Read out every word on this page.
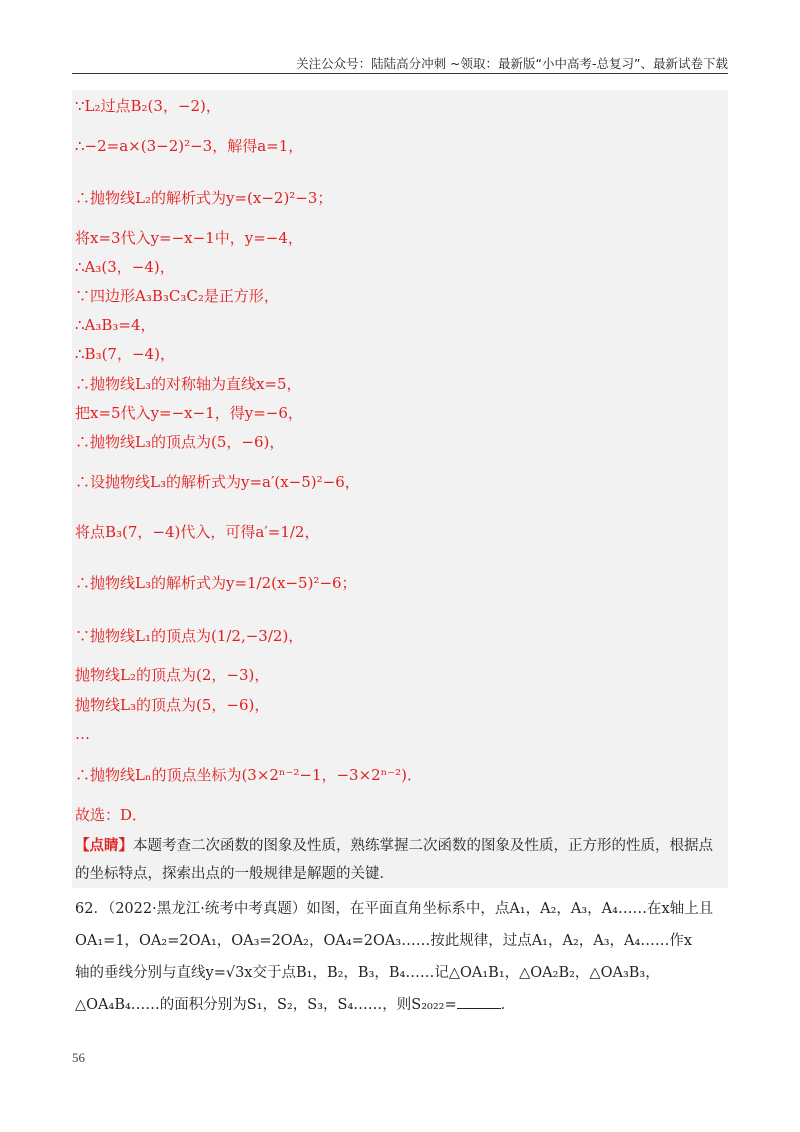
关注公众号：陆陆高分冲刺 ~领取：最新版“小中高考-总复习”、最新试卷下载
∵L₂过点B₂(3，−2)，
∴−2=a×(3−2)²−3，解得a=1，
∴抛物线L₂的解析式为y=(x−2)²−3；
将x=3代入y=−x−1中，y=−4，
∴A₃(3，−4)，
∵四边形A₃B₃C₃C₂是正方形，
∴A₃B₃=4，
∴B₃(7，−4)，
∴抛物线L₃的对称轴为直线x=5，
把x=5代入y=−x−1，得y=−6，
∴抛物线L₃的顶点为(5，−6)，
∴设抛物线L₃的解析式为y=a′(x−5)²−6，
将点B₃(7，−4)代入，可得a′=1/2，
∴抛物线L₃的解析式为y=1/2(x−5)²−6；
∵抛物线L₁的顶点为(1/2,−3/2)，
抛物线L₂的顶点为(2，−3)，
抛物线L₃的顶点为(5，−6)，
…
∴抛物线Lₙ的顶点坐标为(3×2ⁿ⁻²−1，−3×2ⁿ⁻²)．
故选：D．
【点睛】本题考查二次函数的图象及性质，熟练掌握二次函数的图象及性质，正方形的性质，根据点的坐标特点，探索出点的一般规律是解题的关键．
62．（2022·黑龙江·统考中考真题）如图，在平面直角坐标系中，点A₁，A₂，A₃，A₄……在x轴上且
OA₁=1，OA₂=2OA₁，OA₃=2OA₂，OA₄=2OA₃……按此规律，过点A₁，A₂，A₃，A₄……作x
轴的垂线分别与直线y=√3x交于点B₁，B₂，B₃，B₄……记△OA₁B₁，△OA₂B₂，△OA₃B₃，
△OA₄B₄……的面积分别为S₁，S₂，S₃，S₄……，则S₂₀₂₂=	．
56
